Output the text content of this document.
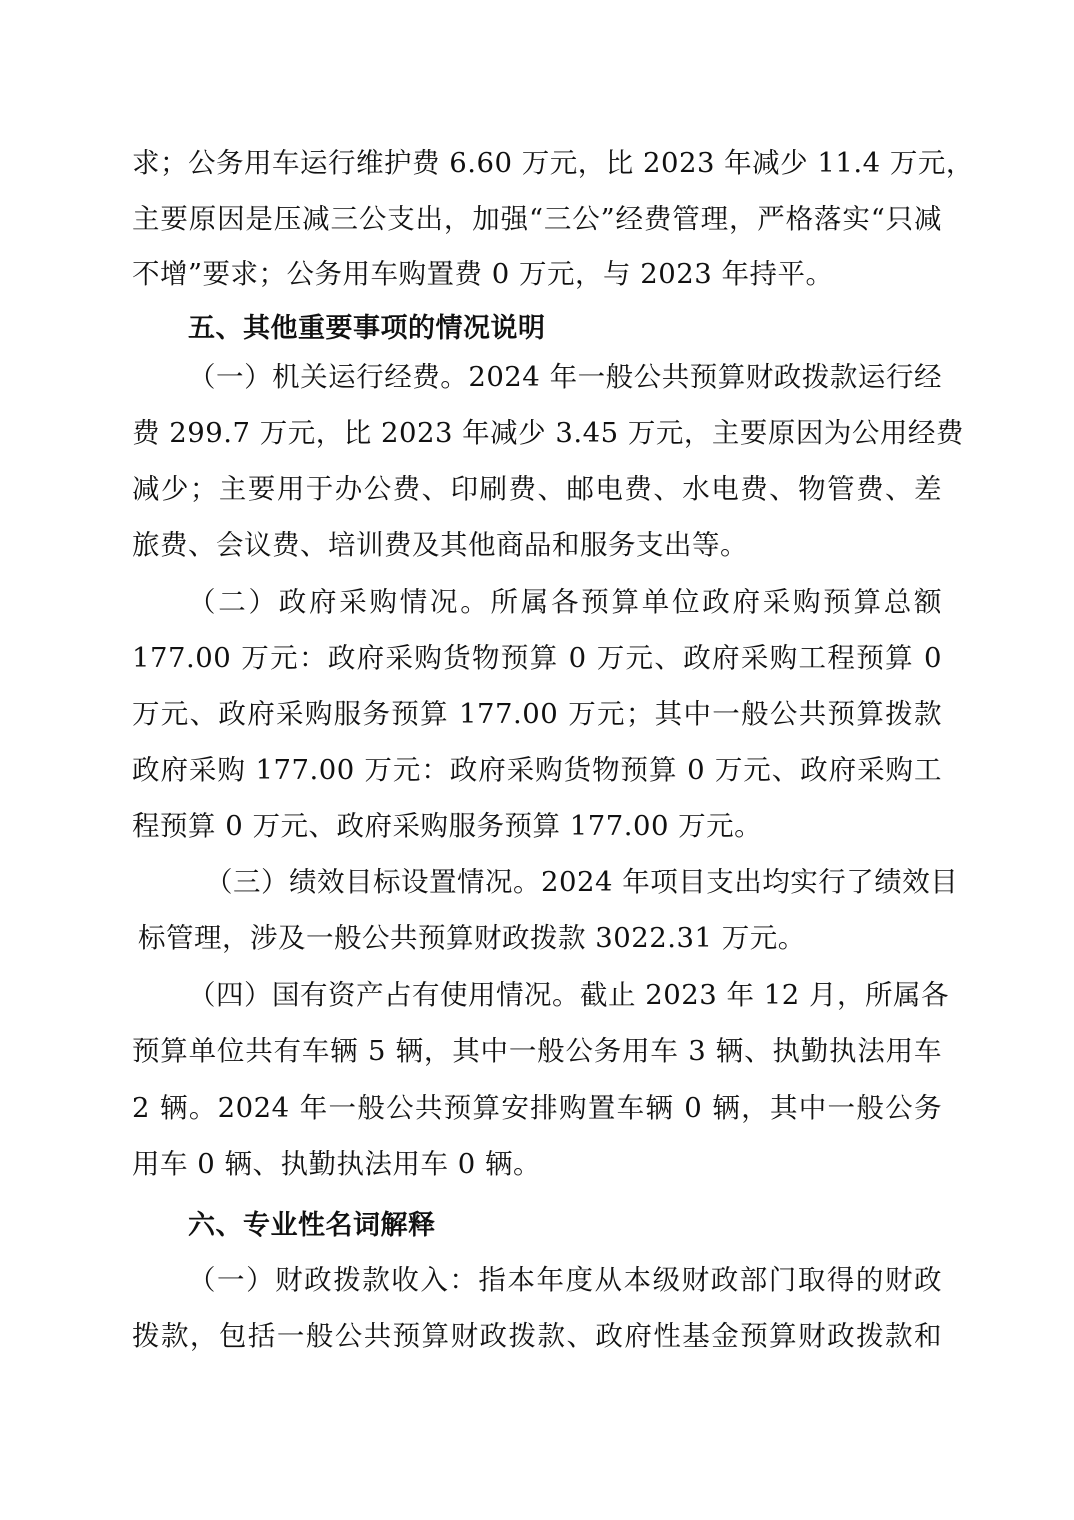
求；公务用车运行维护费 6.60 万元，比 2023 年减少 11.4 万元，
主要原因是压减三公支出，加强“三公”经费管理，严格落实“只减
不增”要求；公务用车购置费 0 万元，与 2023 年持平。
五、其他重要事项的情况说明
（一）机关运行经费。2024 年一般公共预算财政拨款运行经
费 299.7 万元，比 2023 年减少 3.45 万元，主要原因为公用经费
减少；主要用于办公费、印刷费、邮电费、水电费、物管费、差
旅费、会议费、培训费及其他商品和服务支出等。
（二）政府采购情况。所属各预算单位政府采购预算总额
177.00 万元：政府采购货物预算 0 万元、政府采购工程预算 0
万元、政府采购服务预算 177.00 万元；其中一般公共预算拨款
政府采购 177.00 万元：政府采购货物预算 0 万元、政府采购工
程预算 0 万元、政府采购服务预算 177.00 万元。
（三）绩效目标设置情况。2024 年项目支出均实行了绩效目
标管理，涉及一般公共预算财政拨款 3022.31 万元。
（四）国有资产占有使用情况。截止 2023 年 12 月，所属各
预算单位共有车辆 5 辆，其中一般公务用车 3 辆、执勤执法用车
2 辆。2024 年一般公共预算安排购置车辆 0 辆，其中一般公务
用车 0 辆、执勤执法用车 0 辆。
六、专业性名词解释
（一）财政拨款收入：指本年度从本级财政部门取得的财政
拨款，包括一般公共预算财政拨款、政府性基金预算财政拨款和
